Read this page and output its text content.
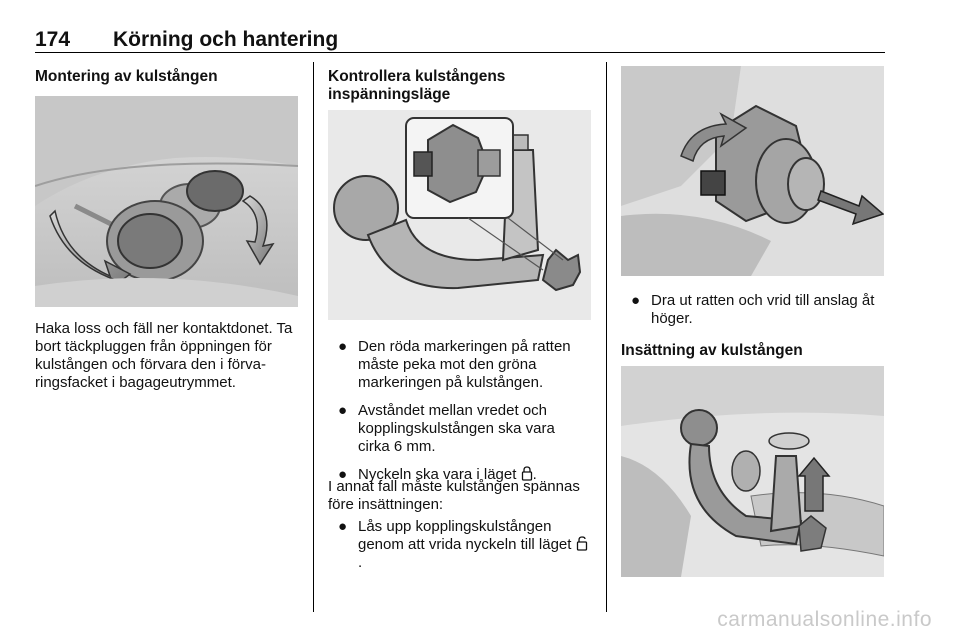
174 Körning och hantering
Montering av kulstången

Haka loss och fäll ner kontaktdonet. Ta bort täckpluggen från öppningen för kulstången och förvara den i förva-ringsfacket i bagageutrymmet.

Kontrollera kulstångens
inspänningsläge
● Den röda markeringen på ratten måste peka mot den gröna markeringen på kulstången.
● Avståndet mellan vredet och kopplingskulstången ska vara cirka 6 mm.
● Nyckeln ska vara i läget .

I annat fall måste kulstången spännas före insättningen:

● Lås upp kopplingskulstången genom att vrida nyckeln till läget .
● Dra ut ratten och vrid till anslag åt höger.
Insättning av kulstången
carmanualsonline.info
